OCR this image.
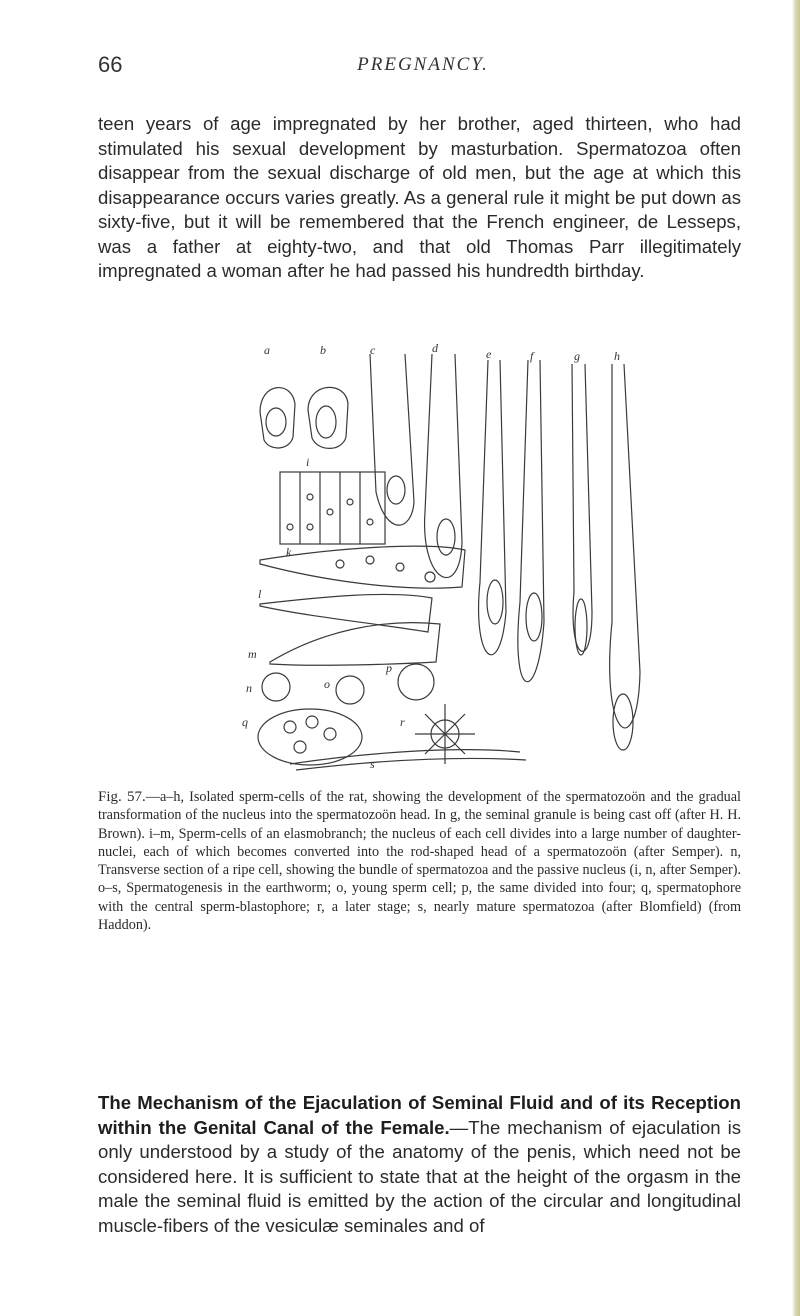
66	PREGNANCY.

teen years of age impregnated by her brother, aged thirteen, who had stimulated his sexual development by masturbation. Spermatozoa often disappear from the sexual discharge of old men, but the age at which this disappearance occurs varies greatly. As a general rule it might be put down as sixty-five, but it will be remembered that the French engineer, de Lesseps, was a father at eighty-two, and that old Thomas Parr illegitimately impregnated a woman after he had passed his hundredth birthday.

a	b	c	d	e	f	g	h
i
k
l
m
n	o
p
q	r
s

Fig. 57.—a–h, Isolated sperm-cells of the rat, showing the development of the spermatozoön and the gradual transformation of the nucleus into the spermatozoön head. In g, the seminal granule is being cast off (after H. H. Brown). i–m, Sperm-cells of an elasmobranch; the nucleus of each cell divides into a large number of daughter-nuclei, each of which becomes converted into the rod-shaped head of a spermatozoön (after Semper). n, Transverse section of a ripe cell, showing the bundle of spermatozoa and the passive nucleus (i, n, after Semper). o–s, Spermatogenesis in the earthworm; o, young sperm cell; p, the same divided into four; q, spermatophore with the central sperm-blastophore; r, a later stage; s, nearly mature spermatozoa (after Blomfield) (from Haddon).

The Mechanism of the Ejaculation of Seminal Fluid and of its Reception within the Genital Canal of the Female.—The mechanism of ejaculation is only understood by a study of the anatomy of the penis, which need not be considered here. It is sufficient to state that at the height of the orgasm in the male the seminal fluid is emitted by the action of the circular and longitudinal muscle-fibers of the vesiculæ seminales and of
